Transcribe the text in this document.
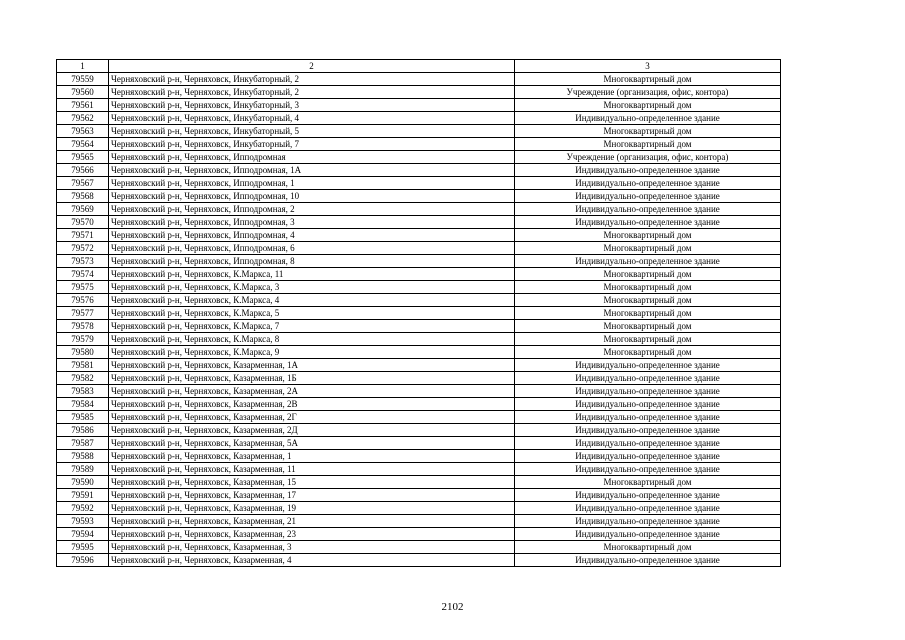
1	2	3
79559	Черняховский р-н, Черняховск, Инкубаторный, 2	Многоквартирный дом
79560	Черняховский р-н, Черняховск, Инкубаторный, 2	Учреждение (организация, офис, контора)
79561	Черняховский р-н, Черняховск, Инкубаторный, 3	Многоквартирный дом
79562	Черняховский р-н, Черняховск, Инкубаторный, 4	Индивидуально-определенное здание
79563	Черняховский р-н, Черняховск, Инкубаторный, 5	Многоквартирный дом
79564	Черняховский р-н, Черняховск, Инкубаторный, 7	Многоквартирный дом
79565	Черняховский р-н, Черняховск, Ипподромная	Учреждение (организация, офис, контора)
79566	Черняховский р-н, Черняховск, Ипподромная, 1А	Индивидуально-определенное здание
79567	Черняховский р-н, Черняховск, Ипподромная, 1	Индивидуально-определенное здание
79568	Черняховский р-н, Черняховск, Ипподромная, 10	Индивидуально-определенное здание
79569	Черняховский р-н, Черняховск, Ипподромная, 2	Индивидуально-определенное здание
79570	Черняховский р-н, Черняховск, Ипподромная, 3	Индивидуально-определенное здание
79571	Черняховский р-н, Черняховск, Ипподромная, 4	Многоквартирный дом
79572	Черняховский р-н, Черняховск, Ипподромная, 6	Многоквартирный дом
79573	Черняховский р-н, Черняховск, Ипподромная, 8	Индивидуально-определенное здание
79574	Черняховский р-н, Черняховск, К.Маркса, 11	Многоквартирный дом
79575	Черняховский р-н, Черняховск, К.Маркса, 3	Многоквартирный дом
79576	Черняховский р-н, Черняховск, К.Маркса, 4	Многоквартирный дом
79577	Черняховский р-н, Черняховск, К.Маркса, 5	Многоквартирный дом
79578	Черняховский р-н, Черняховск, К.Маркса, 7	Многоквартирный дом
79579	Черняховский р-н, Черняховск, К.Маркса, 8	Многоквартирный дом
79580	Черняховский р-н, Черняховск, К.Маркса, 9	Многоквартирный дом
79581	Черняховский р-н, Черняховск, Казарменная, 1А	Индивидуально-определенное здание
79582	Черняховский р-н, Черняховск, Казарменная, 1Б	Индивидуально-определенное здание
79583	Черняховский р-н, Черняховск, Казарменная, 2А	Индивидуально-определенное здание
79584	Черняховский р-н, Черняховск, Казарменная, 2В	Индивидуально-определенное здание
79585	Черняховский р-н, Черняховск, Казарменная, 2Г	Индивидуально-определенное здание
79586	Черняховский р-н, Черняховск, Казарменная, 2Д	Индивидуально-определенное здание
79587	Черняховский р-н, Черняховск, Казарменная, 5А	Индивидуально-определенное здание
79588	Черняховский р-н, Черняховск, Казарменная, 1	Индивидуально-определенное здание
79589	Черняховский р-н, Черняховск, Казарменная, 11	Индивидуально-определенное здание
79590	Черняховский р-н, Черняховск, Казарменная, 15	Многоквартирный дом
79591	Черняховский р-н, Черняховск, Казарменная, 17	Индивидуально-определенное здание
79592	Черняховский р-н, Черняховск, Казарменная, 19	Индивидуально-определенное здание
79593	Черняховский р-н, Черняховск, Казарменная, 21	Индивидуально-определенное здание
79594	Черняховский р-н, Черняховск, Казарменная, 23	Индивидуально-определенное здание
79595	Черняховский р-н, Черняховск, Казарменная, 3	Многоквартирный дом
79596	Черняховский р-н, Черняховск, Казарменная, 4	Индивидуально-определенное здание
2102
